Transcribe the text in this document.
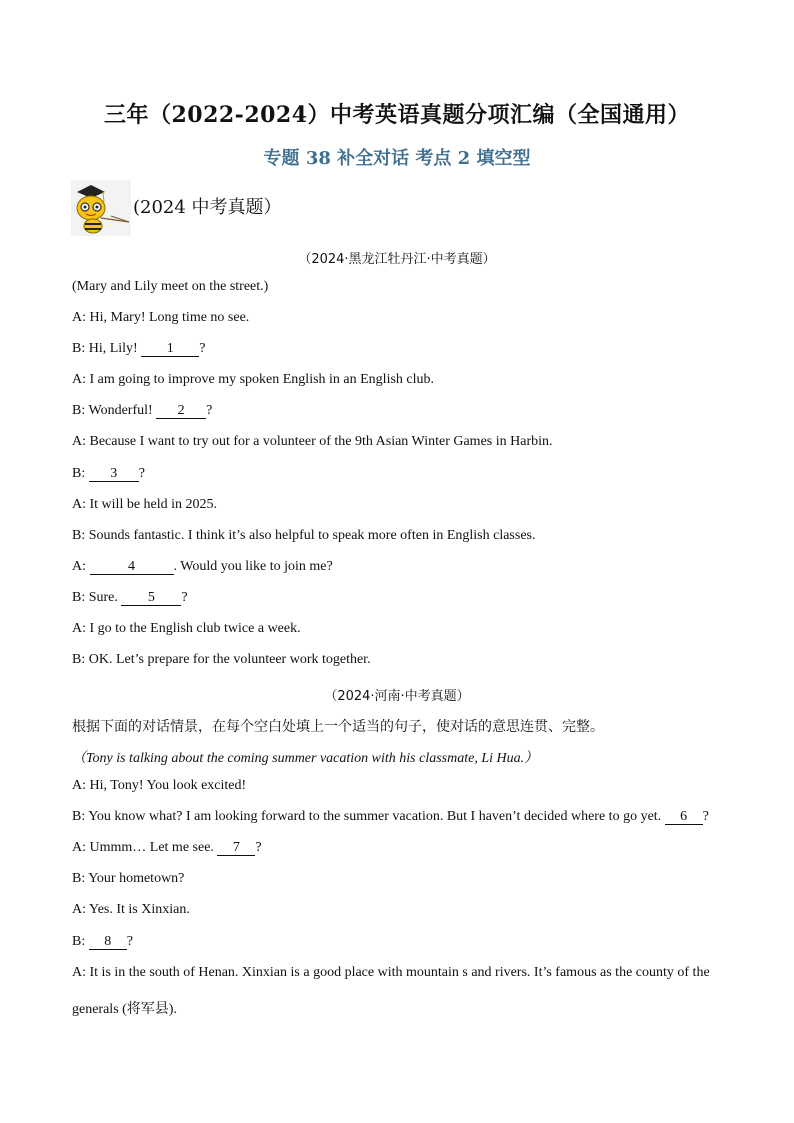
三年（2022-2024）中考英语真题分项汇编（全国通用）
专题 38 补全对话 考点 2 填空型
(2024 中考真题）
（2024·黑龙江牡丹江·中考真题）
(Mary and Lily meet on the street.)
A: Hi, Mary! Long time no see.
B: Hi, Lily! 1 ?
A: I am going to improve my spoken English in an English club.
B: Wonderful! 2 ?
A: Because I want to try out for a volunteer of the 9th Asian Winter Games in Harbin.
B: 3 ?
A: It will be held in 2025.
B: Sounds fantastic. I think it’s also helpful to speak more often in English classes.
A:	4	. Would you like to join me?
B: Sure. 5 ?
A: I go to the English club twice a week.
B: OK. Let’s prepare for the volunteer work together.
（2024·河南·中考真题）
根据下面的对话情景，在每个空白处填上一个适当的句子，使对话的意思连贯、完整。
（Tony is talking about the coming summer vacation with his classmate, Li Hua.）
A: Hi, Tony! You look excited!
B: You know what? I am looking forward to the summer vacation. But I haven’t decided where to go yet. 6 ?
A: Ummm… Let me see. 7 ?
B: Your hometown?
A: Yes. It is Xinxian.
B: 8 ?
A: It is in the south of Henan. Xinxian is a good place with mountain s and rivers. It’s famous as the county of the
generals (将军县).
